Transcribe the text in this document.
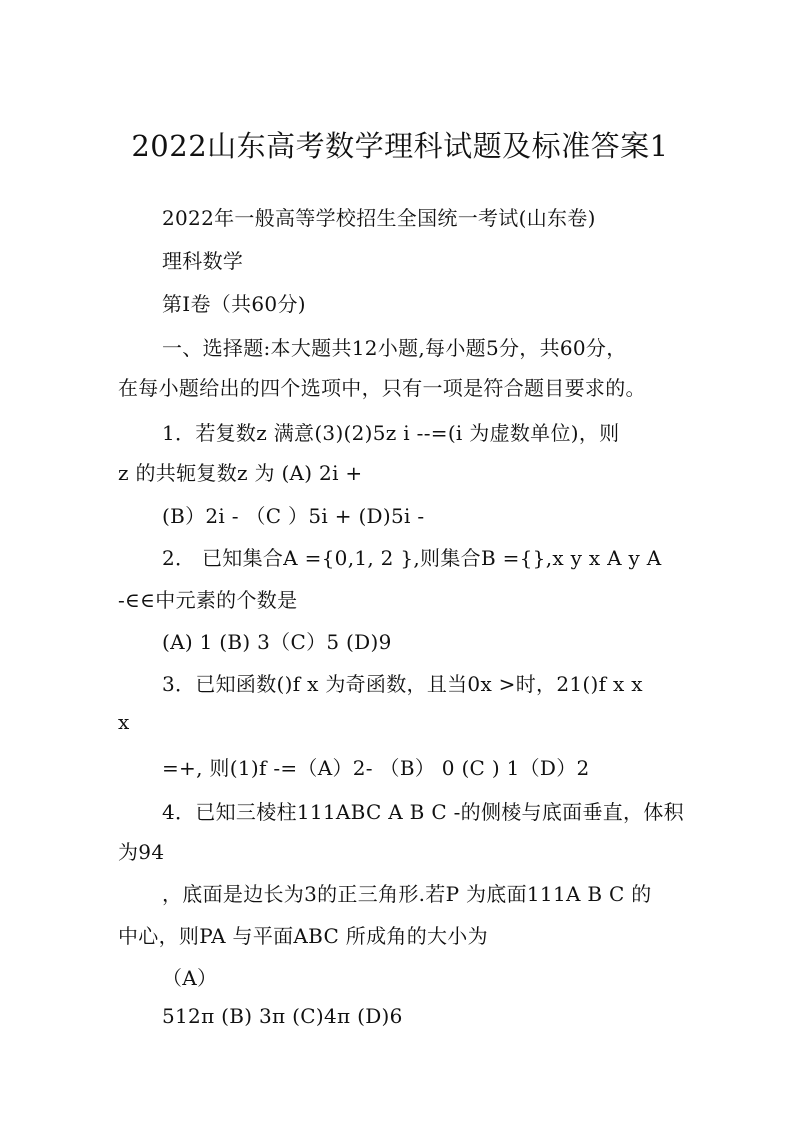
2022山东高考数学理科试题及标准答案1
2022年一般高等学校招生全国统一考试(山东卷)
理科数学
第Ⅰ卷（共60分)
一、选择题:本大题共12小题,每小题5分，共60分，
在每小题给出的四个选项中，只有一项是符合题目要求的。
1．若复数z 满意(3)(2)5z i --=(i 为虚数单位)，则
z 的共轭复数z 为 (A) 2i +
(B）2i - （C ）5i + (D)5i -
2． 已知集合A ={0,1, 2 },则集合B ={},x y x A y A
-∈∈中元素的个数是
(A) 1 (B) 3（C）5 (D)9
3．已知函数()f x 为奇函数，且当0x >时，21()f x x
x
=+, 则(1)f -=（A）2- （B） 0 (C ) 1（D）2
4．已知三棱柱111ABC A B C -的侧棱与底面垂直，体积
为94
，底面是边长为3的正三角形.若P 为底面111A B C 的
中心，则PA 与平面ABC 所成角的大小为
（A）
512π (B) 3π (C)4π (D)6
